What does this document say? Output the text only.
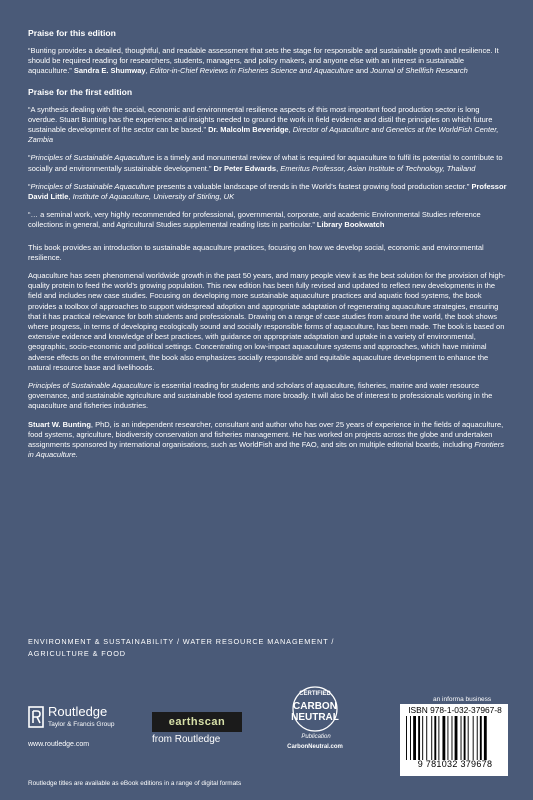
Praise for this edition
“Bunting provides a detailed, thoughtful, and readable assessment that sets the stage for responsible and sustainable growth and resilience. It should be required reading for researchers, students, managers, and policy makers, and anyone else with an interest in sustainable aquaculture.” Sandra E. Shumway, Editor-in-Chief Reviews in Fisheries Science and Aquaculture and Journal of Shellfish Research
Praise for the first edition
“A synthesis dealing with the social, economic and environmental resilience aspects of this most important food production sector is long overdue. Stuart Bunting has the experience and insights needed to ground the work in field evidence and distil the principles on which future sustainable development of the sector can be based.” Dr. Malcolm Beveridge, Director of Aquaculture and Genetics at the WorldFish Center, Zambia
“Principles of Sustainable Aquaculture is a timely and monumental review of what is required for aquaculture to fulfil its potential to contribute to socially and environmentally sustainable development.” Dr Peter Edwards, Emeritus Professor, Asian Institute of Technology, Thailand
“Principles of Sustainable Aquaculture presents a valuable landscape of trends in the World’s fastest growing food production sector.” Professor David Little, Institute of Aquaculture, University of Stirling, UK
“… a seminal work, very highly recommended for professional, governmental, corporate, and academic Environmental Studies reference collections in general, and Agricultural Studies supplemental reading lists in particular.” Library Bookwatch
This book provides an introduction to sustainable aquaculture practices, focusing on how we develop social, economic and environmental resilience.
Aquaculture has seen phenomenal worldwide growth in the past 50 years, and many people view it as the best solution for the provision of high-quality protein to feed the world’s growing population. This new edition has been fully revised and updated to reflect new developments in the field and includes new case studies. Focusing on developing more sustainable aquaculture practices and aquatic food systems, the book provides a toolbox of approaches to support widespread adoption and appropriate adaptation of regenerating aquaculture strategies, ensuring that it has practical relevance for both students and professionals. Drawing on a range of case studies from around the world, the book shows where progress, in terms of developing ecologically sound and socially responsible forms of aquaculture, has been made. The book is based on extensive evidence and knowledge of best practices, with guidance on appropriate adaptation and uptake in a variety of environmental, geographic, socio-economic and political settings. Concentrating on low-impact aquaculture systems and approaches, which have minimal adverse effects on the environment, the book also emphasizes socially responsible and equitable aquaculture development to enhance the natural resource base and livelihoods.
Principles of Sustainable Aquaculture is essential reading for students and scholars of aquaculture, fisheries, marine and water resource governance, and sustainable agriculture and sustainable food systems more broadly. It will also be of interest to professionals working in the aquaculture and fisheries industries.
Stuart W. Bunting, PhD, is an independent researcher, consultant and author who has over 25 years of experience in the fields of aquaculture, food systems, agriculture, biodiversity conservation and fisheries management. He has worked on projects across the globe and undertaken assignments sponsored by international organisations, such as WorldFish and the FAO, and sits on multiple editorial boards, including Frontiers in Aquaculture.
ENVIRONMENT & SUSTAINABILITY / WATER RESOURCE MANAGEMENT /
AGRICULTURE & FOOD
Routledge
Taylor & Francis Group
www.routledge.com
earthscan
from Routledge
CERTIFIED
CARBON
NEUTRAL
Publication
CarbonNeutral.com
an informa business
ISBN 978-1-032-37967-8
9 781032 379678
Routledge titles are available as eBook editions in a range of digital formats
